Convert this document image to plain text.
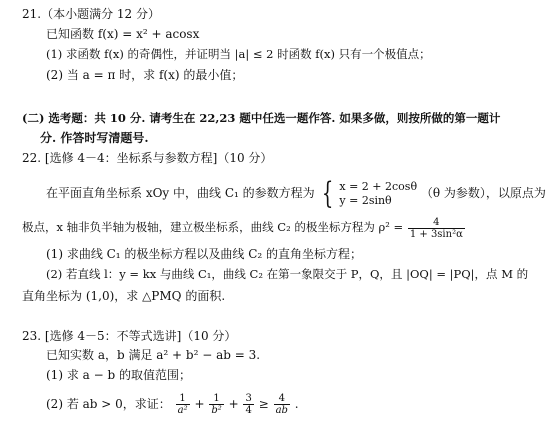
21.（本小题满分 12 分）
已知函数 f(x) = x² + acosx
(1) 求函数 f(x) 的奇偶性，并证明当 |a| ≤ 2 时函数 f(x) 只有一个极值点；
(2) 当 a = π 时，求 f(x) 的最小值；
(二) 选考题：共 10 分. 请考生在 22,23 题中任选一题作答. 如果多做，则按所做的第一题计
分. 作答时写清题号.
22. [选修 4－4：坐标系与参数方程]（10 分）
在平面直角坐标系 xOy 中，曲线 C₁ 的参数方程为 { x = 2 + 2cosθ
y = 2sinθ
（θ 为参数），以原点为
极点，x 轴非负半轴为极轴，建立极坐标系，曲线 C₂ 的极坐标方程为 $\rho^2 = \frac{4}{\text{1 + 3sin²α}}$
(1) 求曲线 C₁ 的极坐标方程以及曲线 C₂ 的直角坐标方程；
(2) 若直线 l：y = kx 与曲线 C₁，曲线 C₂ 在第一象限交于 P，Q，且 |OQ| = |PQ|，点 M 的
直角坐标为 (1,0)，求 △PMQ 的面积.
23. [选修 4－5：不等式选讲]（10 分）
已知实数 a，b 满足 a² + b² − ab = 3.
(1) 求 a − b 的取值范围；
(2) 若 ab > 0，求证： $\frac{1}{\text{a²}} + \frac{1}{\text{b²}} + \frac{3}{4} \ge \frac{4}{ab}$ .
